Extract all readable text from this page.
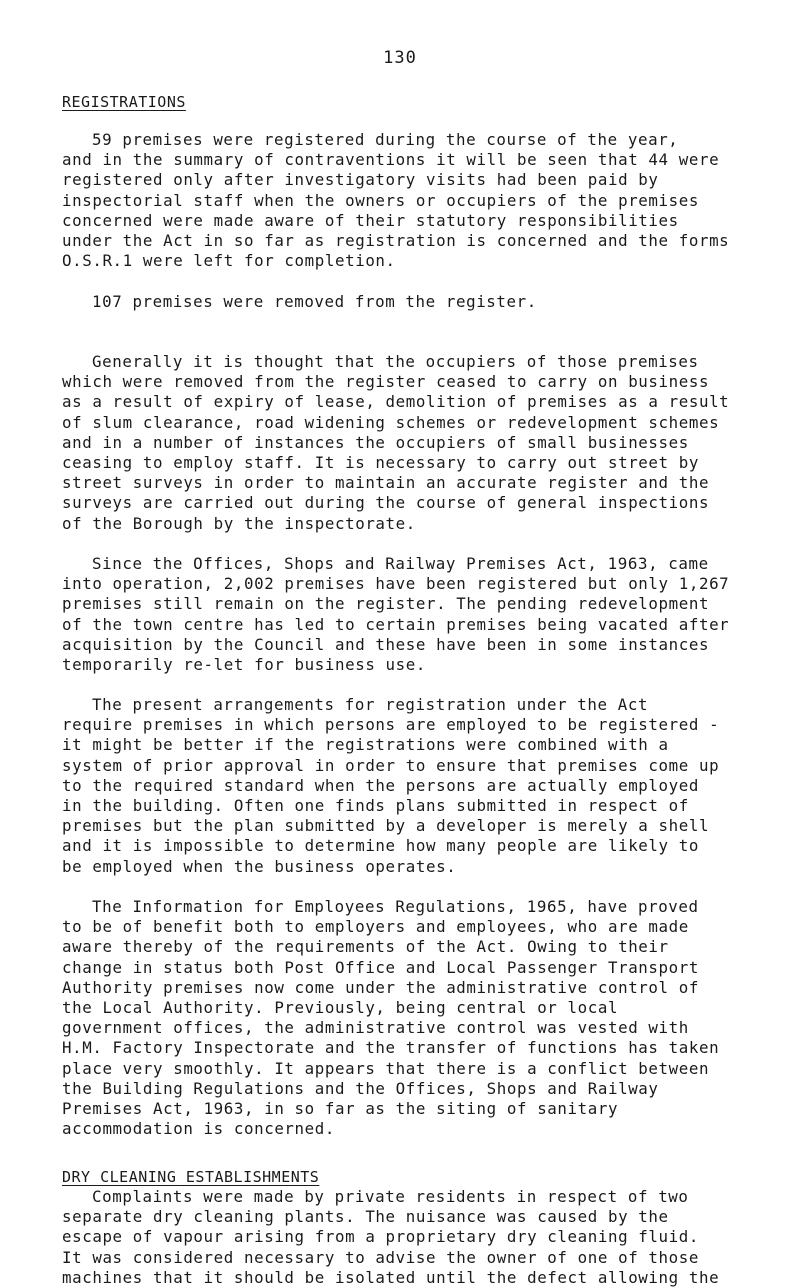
130
REGISTRATIONS
59 premises were registered during the course of the year,
and in the summary of contraventions it will be seen that 44 were
registered only after investigatory visits had been paid by
inspectorial staff when the owners or occupiers of the premises
concerned were made aware of their statutory responsibilities
under the Act in so far as registration is concerned and the forms
O.S.R.1 were left for completion.
107 premises were removed from the register.
Generally it is thought that the occupiers of those premises
which were removed from the register ceased to carry on business
as a result of expiry of lease, demolition of premises as a result
of slum clearance, road widening schemes or redevelopment schemes
and in a number of instances the occupiers of small businesses
ceasing to employ staff. It is necessary to carry out street by
street surveys in order to maintain an accurate register and the
surveys are carried out during the course of general inspections
of the Borough by the inspectorate.
Since the Offices, Shops and Railway Premises Act, 1963, came
into operation, 2,002 premises have been registered but only 1,267
premises still remain on the register. The pending redevelopment
of the town centre has led to certain premises being vacated after
acquisition by the Council and these have been in some instances
temporarily re-let for business use.
The present arrangements for registration under the Act
require premises in which persons are employed to be registered -
it might be better if the registrations were combined with a
system of prior approval in order to ensure that premises come up
to the required standard when the persons are actually employed
in the building. Often one finds plans submitted in respect of
premises but the plan submitted by a developer is merely a shell
and it is impossible to determine how many people are likely to
be employed when the business operates.
The Information for Employees Regulations, 1965, have proved
to be of benefit both to employers and employees, who are made
aware thereby of the requirements of the Act. Owing to their
change in status both Post Office and Local Passenger Transport
Authority premises now come under the administrative control of
the Local Authority. Previously, being central or local
government offices, the administrative control was vested with
H.M. Factory Inspectorate and the transfer of functions has taken
place very smoothly. It appears that there is a conflict between
the Building Regulations and the Offices, Shops and Railway
Premises Act, 1963, in so far as the siting of sanitary
accommodation is concerned.
DRY CLEANING ESTABLISHMENTS
Complaints were made by private residents in respect of two
separate dry cleaning plants. The nuisance was caused by the
escape of vapour arising from a proprietary dry cleaning fluid.
It was considered necessary to advise the owner of one of those
machines that it should be isolated until the defect allowing the
